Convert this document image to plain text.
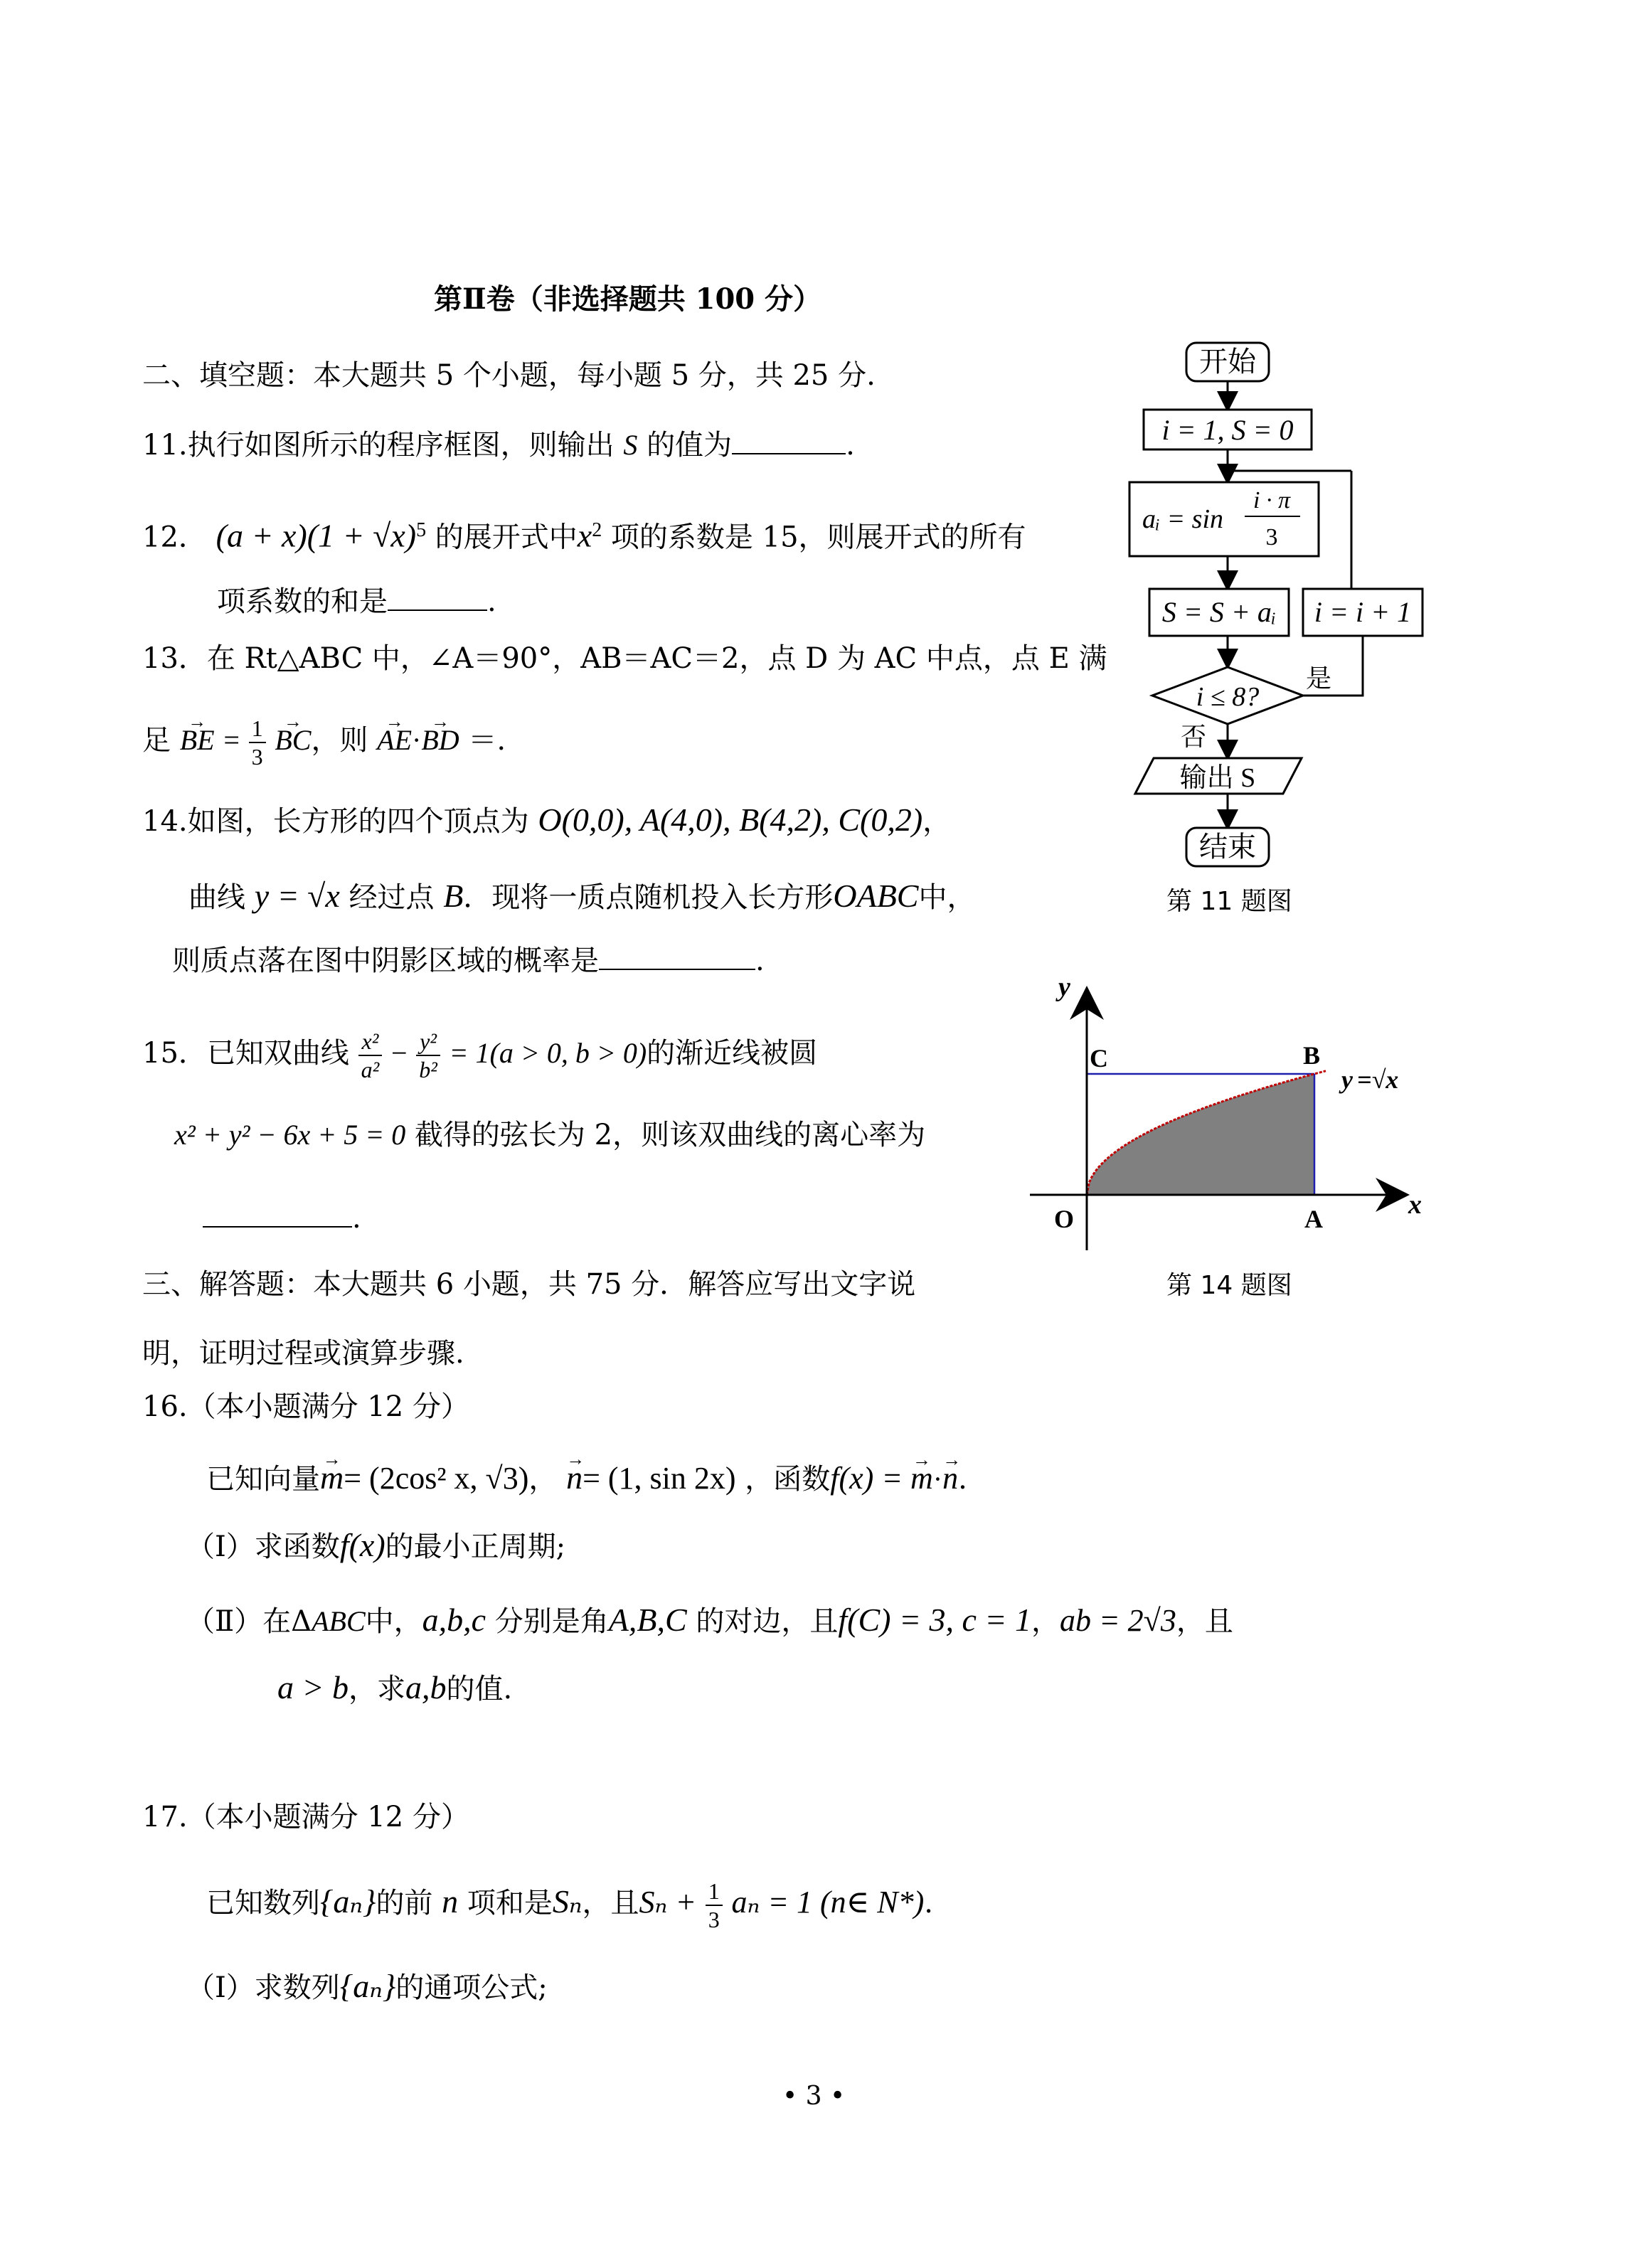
第Ⅱ卷（非选择题共 100 分）
二、填空题：本大题共 5 个小题，每小题 5 分，共 25 分.
11.执行如图所示的程序框图，则输出 S 的值为	.
12． $(a + x)(1 + √x)^5$ 的展开式中$x^2$ 项的系数是 15，则展开式的所有
项系数的和是	.
13．在 Rt△ABC 中，∠A＝90°，AB＝AC＝2，点 D 为 AC 中点，点 E 满
足 → BE = $\frac{1}{3}$ → BC，则 → AE·→ BD ＝.
14.如图，长方形的四个顶点为 O(0,0), A(4,0), B(4,2), C(0,2)，
曲线 y = √x 经过点 B．现将一质点随机投入长方形OABC中，
则质点落在图中阴影区域的概率是	.
15．已知双曲线 $\frac{\text{x²}}{\text{a²}} - \frac{\text{y²}}{\text{b²}} = 1(a > 0$, b > 0)的渐近线被圆
x² + y² − 6x + 5 = 0 截得的弦长为 2，则该双曲线的离心率为
.
三、解答题：本大题共 6 小题，共 75 分．解答应写出文字说
明，证明过程或演算步骤.
16.（本小题满分 12 分）
已知向量→ m= (2cos² x, √3)， → n= (1, sin 2x) ，函数f(x) = → m·→ n.
（Ⅰ）求函数f(x)的最小正周期;
（Ⅱ）在ΔABC中，a,b,c 分别是角A,B,C 的对边，且f(C) = 3, c = 1，ab = 2√3，且
a > b，求a,b的值.
17.（本小题满分 12 分）
已知数列{aₙ}的前 n 项和是Sₙ，且$S_n + \frac{1}{3}$ aₙ = 1 (n∈ N*).
（Ⅰ）求数列{aₙ}的通项公式;
开始
i = 1, S = 0
aᵢ = sin
i · π
3
S = S + aᵢ i = i + 1
i ≤ 8?
是
否
输出 S
结束
第 11 题图
y
x
C	B
O	A
y =√x
第 14 题图
• 3 •
